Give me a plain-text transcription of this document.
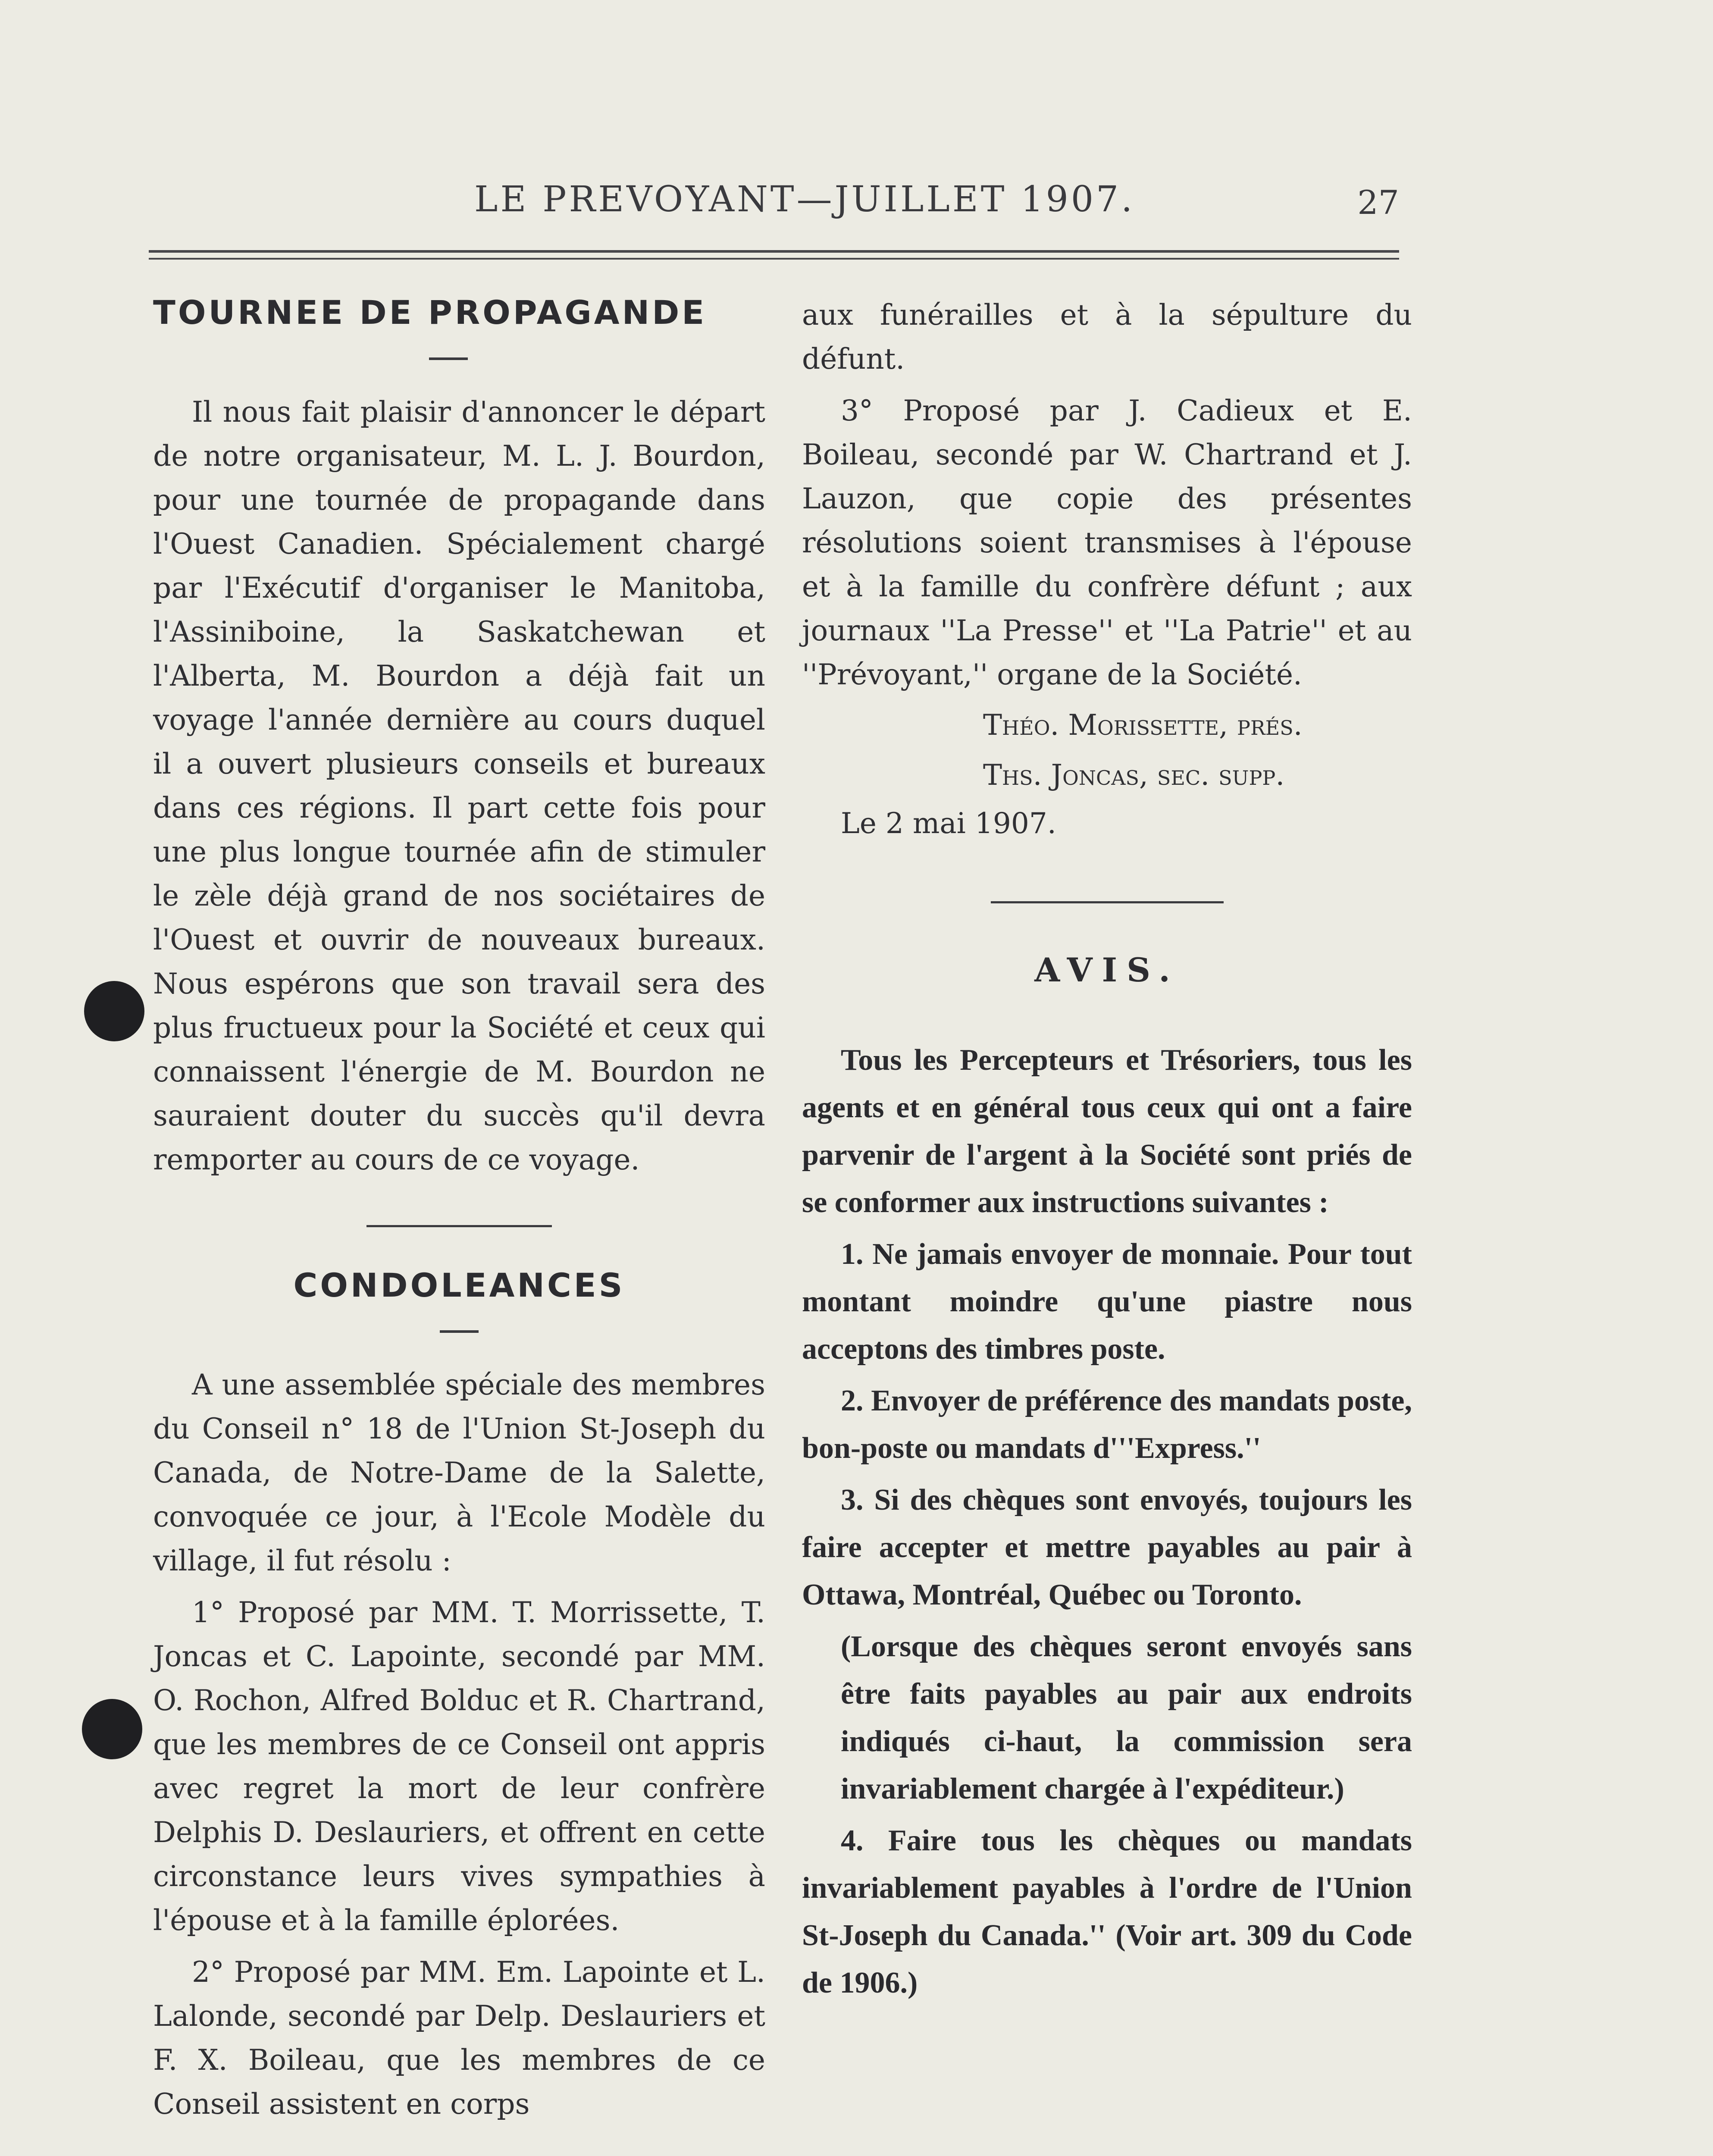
LE PREVOYANT—JUILLET 1907.	27
TOURNEE DE PROPAGANDE

Il nous fait plaisir d'annoncer le départ de notre organisateur, M. L. J. Bourdon, pour une tournée de propagande dans l'Ouest Canadien. Spécialement chargé par l'Exécutif d'organiser le Manitoba, l'Assiniboine, la Saskatchewan et l'Alberta, M. Bourdon a déjà fait un voyage l'année dernière au cours duquel il a ouvert plusieurs conseils et bureaux dans ces régions. Il part cette fois pour une plus longue tournée afin de stimuler le zèle déjà grand de nos sociétaires de l'Ouest et ouvrir de nouveaux bureaux. Nous espérons que son travail sera des plus fructueux pour la Société et ceux qui connaissent l'énergie de M. Bourdon ne sauraient douter du succès qu'il devra remporter au cours de ce voyage.

CONDOLEANCES

A une assemblée spéciale des membres du Conseil n° 18 de l'Union St-Joseph du Canada, de Notre-Dame de la Salette, convoquée ce jour, à l'Ecole Modèle du village, il fut résolu :

1° Proposé par MM. T. Morrissette, T. Joncas et C. Lapointe, secondé par MM. O. Rochon, Alfred Bolduc et R. Chartrand, que les membres de ce Conseil ont appris avec regret la mort de leur confrère Delphis D. Deslauriers, et offrent en cette circonstance leurs vives sympathies à l'épouse et à la famille éplorées.

2° Proposé par MM. Em. Lapointe et L. Lalonde, secondé par Delp. Deslauriers et F. X. Boileau, que les membres de ce Conseil assistent en corps

aux funérailles et à la sépulture du défunt.

3° Proposé par J. Cadieux et E. Boileau, secondé par W. Chartrand et J. Lauzon, que copie des présentes résolutions soient transmises à l'épouse et à la famille du confrère défunt ; aux journaux ''La Presse'' et ''La Patrie'' et au ''Prévoyant,'' organe de la Société.

Théo. Morissette, prés.
Ths. Joncas, sec. supp.
Le 2 mai 1907.
AVIS.

Tous les Percepteurs et Trésoriers, tous les agents et en général tous ceux qui ont a faire parvenir de l'argent à la Société sont priés de se conformer aux instructions suivantes :

1. Ne jamais envoyer de monnaie. Pour tout montant moindre qu'une piastre nous acceptons des timbres poste.

2. Envoyer de préférence des mandats poste, bon-poste ou mandats d'''Express.''

3. Si des chèques sont envoyés, toujours les faire accepter et mettre payables au pair à Ottawa, Montréal, Québec ou Toronto.

(Lorsque des chèques seront envoyés sans être faits payables au pair aux endroits indiqués ci-haut, la commission sera invariablement chargée à l'expéditeur.)

4. Faire tous les chèques ou mandats invariablement payables à l'ordre de l'Union St-Joseph du Canada.'' (Voir art. 309 du Code de 1906.)
